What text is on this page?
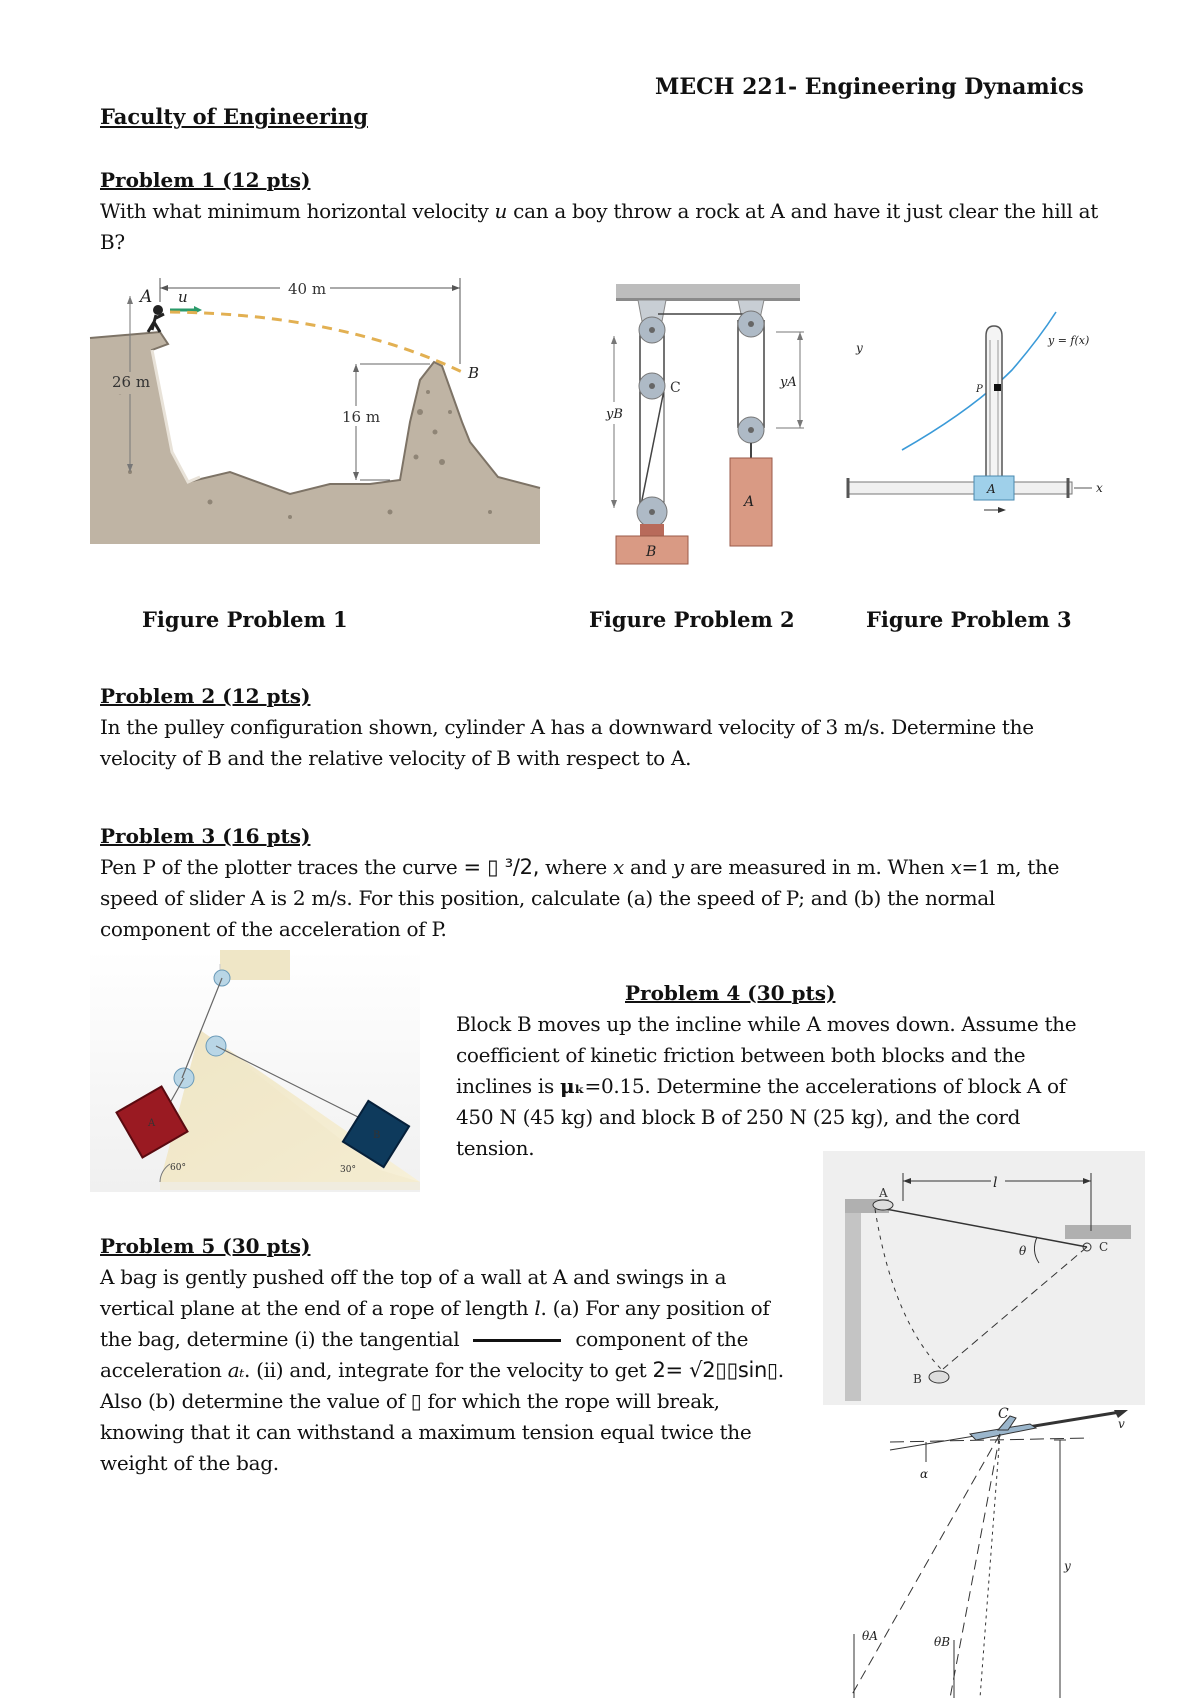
MECH 221- Engineering Dynamics
Faculty of Engineering
Problem 1 (12 pts)
With what minimum horizontal velocity u can a boy throw a rock at A and have it just clear the hill at B?
40 m
26 m
16 m
A u
B
C
A
B
yA
yB
y
y = f(x)
P
A	x
Figure Problem 1	Figure Problem 2	Figure Problem 3
Problem 2 (12 pts)
In the pulley configuration shown, cylinder A has a downward velocity of 3 m/s. Determine the velocity of B and the relative velocity of B with respect to A.
Problem 3 (16 pts)
Pen P of the plotter traces the curve = ▯ ³/2, where x and y are measured in m. When x=1 m, the speed of slider A is 2 m/s. For this position, calculate (a) the speed of P; and (b) the normal component of the acceleration of P.
A
B
60°	30°
Problem 4 (30 pts)
Block B moves up the incline while A moves down. Assume the coefficient of kinetic friction between both blocks and the inclines is μₖ=0.15. Determine the accelerations of block A of 450 N (45 kg) and block B of 250 N (25 kg), and the cord tension.
l
θ
A
C
B
Problem 5 (30 pts)
A bag is gently pushed off the top of a wall at A and swings in a vertical plane at the end of a rope of length l. (a) For any position of the bag, determine (i) the tangential	component of the acceleration aₜ. (ii) and, integrate for the velocity to get 2= √2▯▯sin▯. Also (b) determine the value of ▯ for which the rope will break, knowing that it can withstand a maximum tension equal twice the weight of the bag.
C
v
α
y
θA	θB
